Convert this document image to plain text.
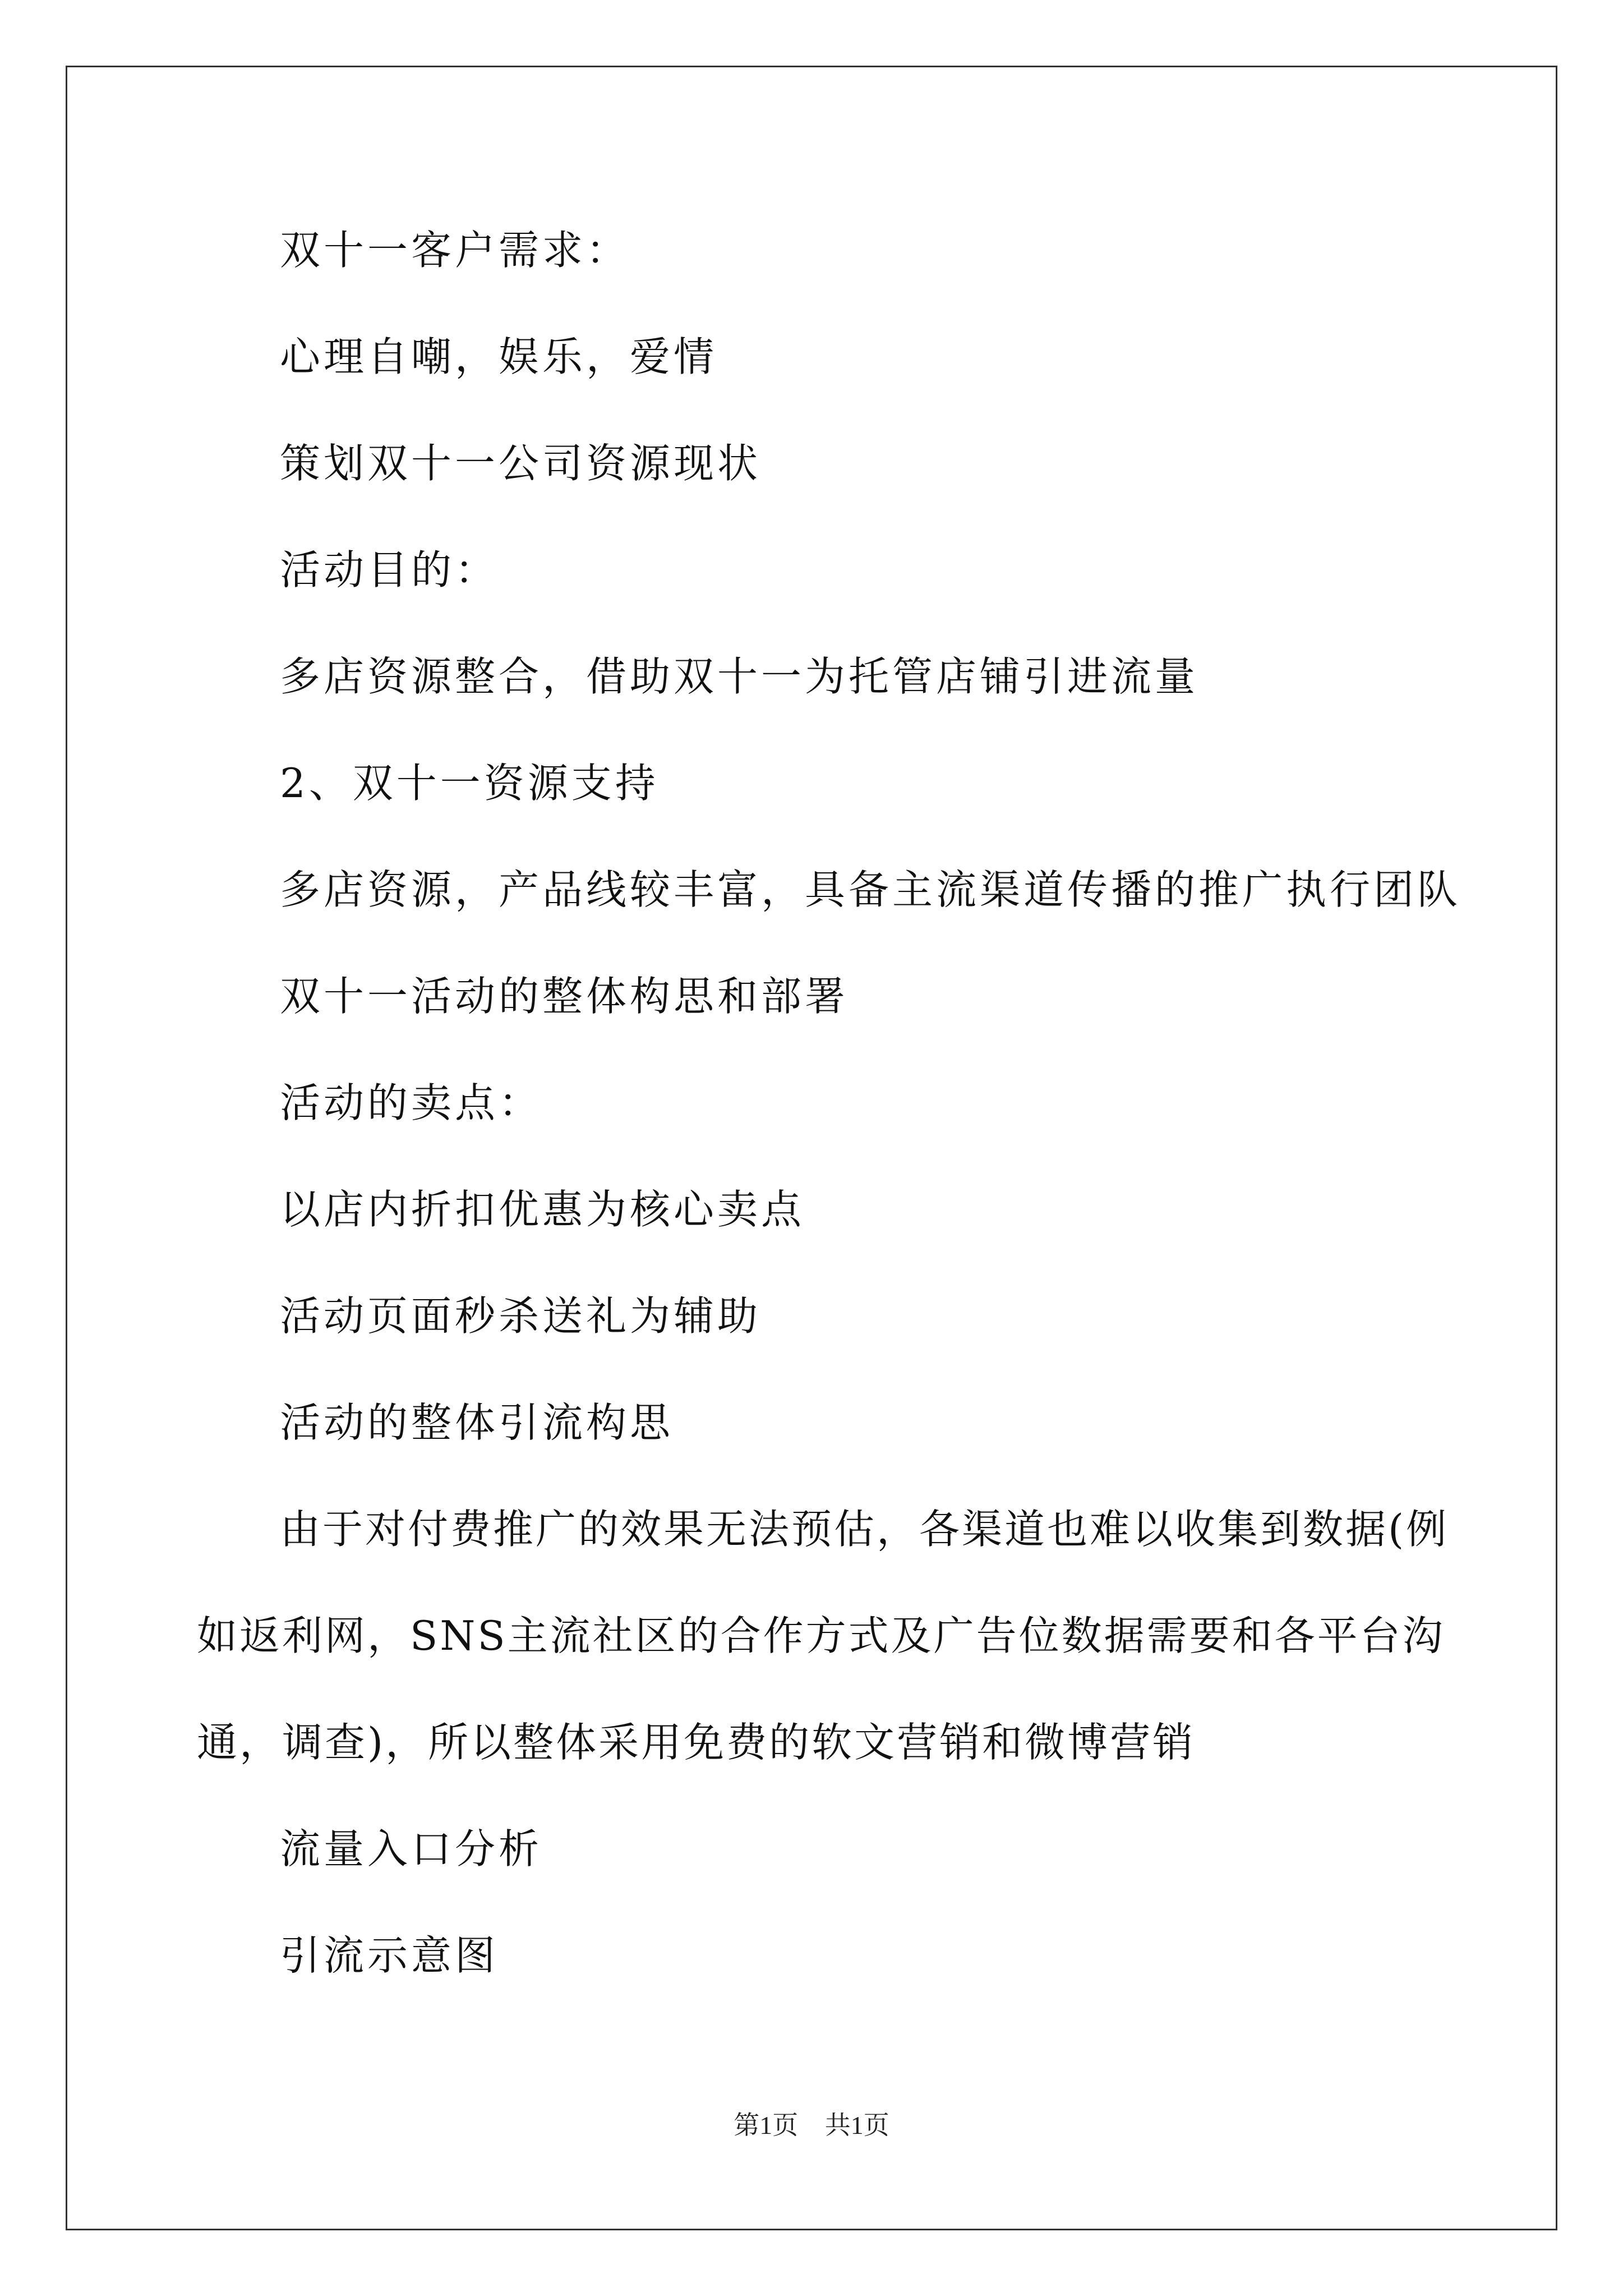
双十一客户需求：

心理自嘲，娱乐，爱情

策划双十一公司资源现状

活动目的：

多店资源整合，借助双十一为托管店铺引进流量

2、双十一资源支持

多店资源，产品线较丰富，具备主流渠道传播的推广执行团队

双十一活动的整体构思和部署

活动的卖点：

以店内折扣优惠为核心卖点

活动页面秒杀送礼为辅助

活动的整体引流构思

由于对付费推广的效果无法预估，各渠道也难以收集到数据(例如返利网，SNS主流社区的合作方式及广告位数据需要和各平台沟通，调查)，所以整体采用免费的软文营销和微博营销

流量入口分析

引流示意图

第1页 共1页
